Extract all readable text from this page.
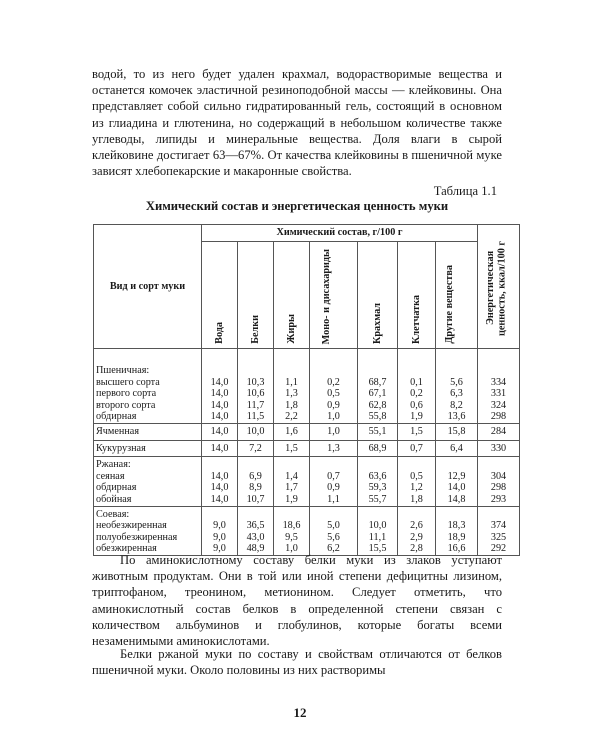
водой, то из него будет удален крахмал, водорастворимые вещества и останется комочек эластичной резиноподобной массы — клейковины. Она представляет собой сильно гидратированный гель, состоящий в основном из глиадина и глютенина, но содержащий в небольшом количестве также углеводы, липиды и минеральные вещества. Доля влаги в сырой клейковине достигает 63—67%. От качества клейковины в пшеничной муке зависят хлебопекарские и макаронные свойства.
Таблица 1.1
Химический состав и энергетическая ценность муки
Вид и сорт муки	Химический состав, г/100 г							Энергетическая ценность, ккал/100 г

	Вода	Белки	Жиры	Моно- и дисахариды	Крахмал	Клетчатка	Другие вещества	

Пшеничная:								
высшего сорта	14,0	10,3	1,1	0,2	68,7	0,1	5,6	334
первого сорта	14,0	10,6	1,3	0,5	67,1	0,2	6,3	331
второго сорта	14,0	11,7	1,8	0,9	62,8	0,6	8,2	324
обдирная	14,0	11,5	2,2	1,0	55,8	1,9	13,6	298
Ячменная	14,0	10,0	1,6	1,0	55,1	1,5	15,8	284
Кукурузная	14,0	7,2	1,5	1,3	68,9	0,7	6,4	330
Ржаная:								
сеяная	14,0	6,9	1,4	0,7	63,6	0,5	12,9	304
обдирная	14,0	8,9	1,7	0,9	59,3	1,2	14,0	298
обойная	14,0	10,7	1,9	1,1	55,7	1,8	14,8	293
Соевая:								
необезжиренная	9,0	36,5	18,6	5,0	10,0	2,6	18,3	374
полуобезжиренная	9,0	43,0	9,5	5,6	11,1	2,9	18,9	325
обезжиренная	9,0	48,9	1,0	6,2	15,5	2,8	16,6	292
По аминокислотному составу белки муки из злаков уступают животным продуктам. Они в той или иной степени дефицитны лизином, триптофаном, треонином, метионином. Следует отметить, что аминокислотный состав белков в определенной степени связан с количеством альбуминов и глобулинов, которые богаты всеми незаменимыми аминокислотами.
Белки ржаной муки по составу и свойствам отличаются от белков пшеничной муки. Около половины из них растворимы
12
